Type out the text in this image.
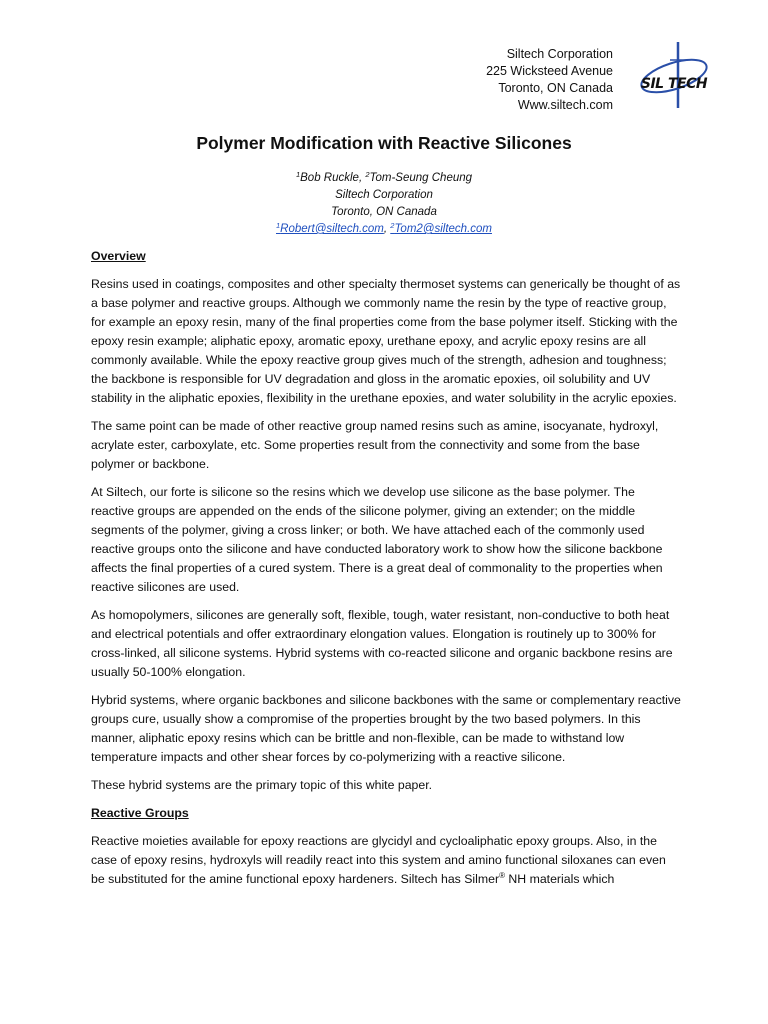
Siltech Corporation
225 Wicksteed Avenue
Toronto, ON Canada
Www.siltech.com
SIL TECH
Polymer Modification with Reactive Silicones
$^1$Bob Ruckle, $^2$Tom-Seung Cheung
Siltech Corporation
Toronto, ON Canada
$^1$Robert@siltech.com, $^2$Tom2@siltech.com
Overview

Resins used in coatings, composites and other specialty thermoset systems can generically be thought of as a base polymer and reactive groups. Although we commonly name the resin by the type of reactive group, for example an epoxy resin, many of the final properties come from the base polymer itself. Sticking with the epoxy resin example; aliphatic epoxy, aromatic epoxy, urethane epoxy, and acrylic epoxy resins are all commonly available. While the epoxy reactive group gives much of the strength, adhesion and toughness; the backbone is responsible for UV degradation and gloss in the aromatic epoxies, oil solubility and UV stability in the aliphatic epoxies, flexibility in the urethane epoxies, and water solubility in the acrylic epoxies.

The same point can be made of other reactive group named resins such as amine, isocyanate, hydroxyl, acrylate ester, carboxylate, etc. Some properties result from the connectivity and some from the base polymer or backbone.

At Siltech, our forte is silicone so the resins which we develop use silicone as the base polymer. The reactive groups are appended on the ends of the silicone polymer, giving an extender; on the middle segments of the polymer, giving a cross linker; or both. We have attached each of the commonly used reactive groups onto the silicone and have conducted laboratory work to show how the silicone backbone affects the final properties of a cured system. There is a great deal of commonality to the properties when reactive silicones are used.

As homopolymers, silicones are generally soft, flexible, tough, water resistant, non-conductive to both heat and electrical potentials and offer extraordinary elongation values. Elongation is routinely up to 300% for cross-linked, all silicone systems. Hybrid systems with co-reacted silicone and organic backbone resins are usually 50-100% elongation.

Hybrid systems, where organic backbones and silicone backbones with the same or complementary reactive groups cure, usually show a compromise of the properties brought by the two based polymers. In this manner, aliphatic epoxy resins which can be brittle and non-flexible, can be made to withstand low temperature impacts and other shear forces by co-polymerizing with a reactive silicone.

These hybrid systems are the primary topic of this white paper.

Reactive Groups

Reactive moieties available for epoxy reactions are glycidyl and cycloaliphatic epoxy groups. Also, in the case of epoxy resins, hydroxyls will readily react into this system and amino functional siloxanes can even be substituted for the amine functional epoxy hardeners. Siltech has Silmer® NH materials which
